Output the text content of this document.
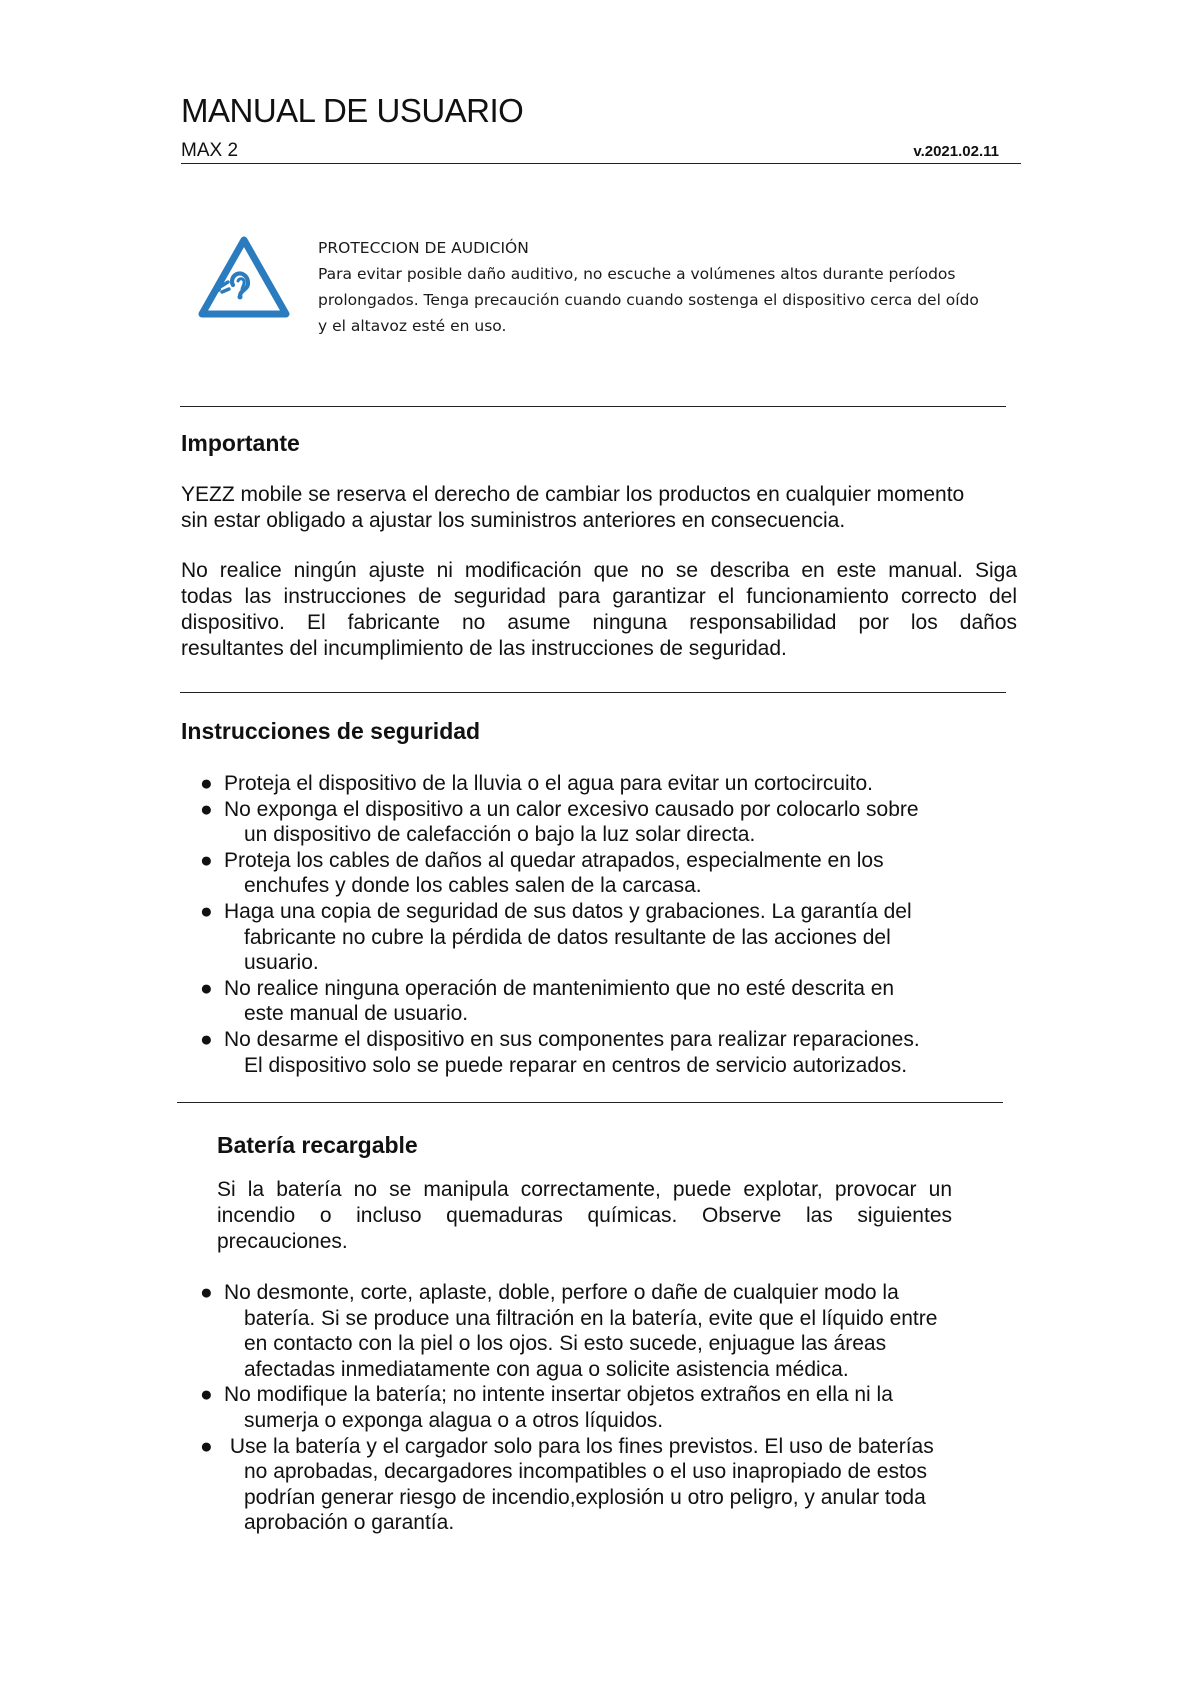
MANUAL DE USUARIO
MAX 2	v.2021.02.11
PROTECCION DE AUDICIÓN
Para evitar posible daño auditivo, no escuche a volúmenes altos durante períodos
prolongados. Tenga precaución cuando cuando sostenga el dispositivo cerca del oído
y el altavoz esté en uso.
Importante
YEZZ mobile se reserva el derecho de cambiar los productos en cualquier momento
sin estar obligado a ajustar los suministros anteriores en consecuencia.
No realice ningún ajuste ni modificación que no se describa en este manual. Siga
todas las instrucciones de seguridad para garantizar el funcionamiento correcto del
dispositivo. El fabricante no asume ninguna responsabilidad por los daños
resultantes del incumplimiento de las instrucciones de seguridad.
Instrucciones de seguridad
● Proteja el dispositivo de la lluvia o el agua para evitar un cortocircuito.
● No exponga el dispositivo a un calor excesivo causado por colocarlo sobre
un dispositivo de calefacción o bajo la luz solar directa.
● Proteja los cables de daños al quedar atrapados, especialmente en los
enchufes y donde los cables salen de la carcasa.
● Haga una copia de seguridad de sus datos y grabaciones. La garantía del
fabricante no cubre la pérdida de datos resultante de las acciones del
usuario.
● No realice ninguna operación de mantenimiento que no esté descrita en
este manual de usuario.
● No desarme el dispositivo en sus componentes para realizar reparaciones.
El dispositivo solo se puede reparar en centros de servicio autorizados.
Batería recargable
Si la batería no se manipula correctamente, puede explotar, provocar un
incendio o incluso quemaduras químicas. Observe las siguientes
precauciones.
● No desmonte, corte, aplaste, doble, perfore o dañe de cualquier modo la
batería. Si se produce una filtración en la batería, evite que el líquido entre
en contacto con la piel o los ojos. Si esto sucede, enjuague las áreas
afectadas inmediatamente con agua o solicite asistencia médica.
● No modifique la batería; no intente insertar objetos extraños en ella ni la
sumerja o exponga alagua o a otros líquidos.
● Use la batería y el cargador solo para los fines previstos. El uso de baterías
no aprobadas, decargadores incompatibles o el uso inapropiado de estos
podrían generar riesgo de incendio,explosión u otro peligro, y anular toda
aprobación o garantía.
